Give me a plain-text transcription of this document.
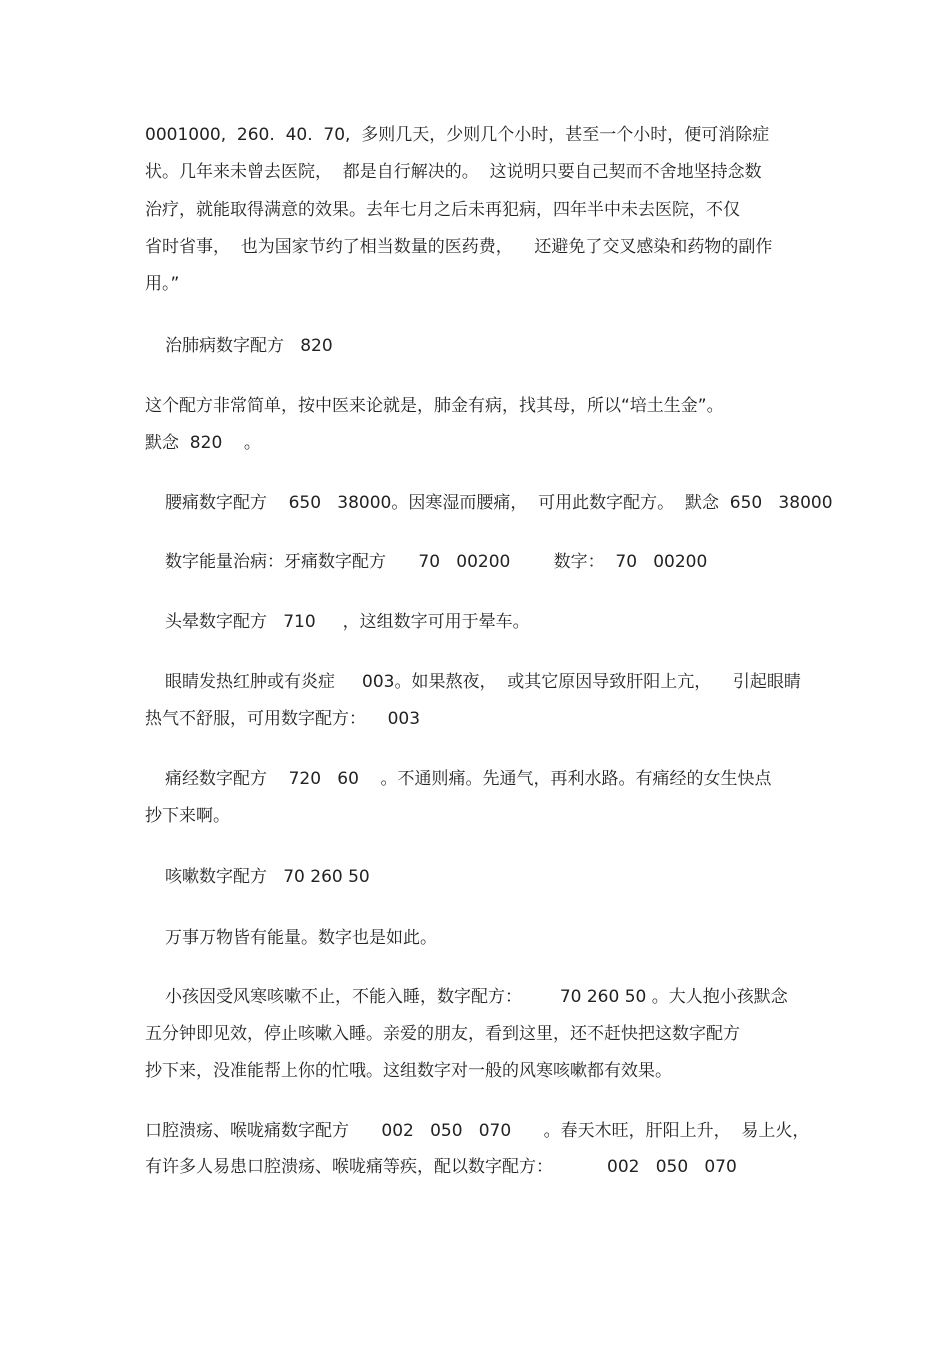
0001000,  260.  40.  70,  多则几天，少则几个小时，甚至一个小时，便可消除症
状。几年来未曾去医院，  都是自行解决的。  这说明只要自己契而不舍地坚持念数
治疗，就能取得满意的效果。去年七月之后未再犯病，四年半中未去医院，不仅
省时省事，  也为国家节约了相当数量的医药费，    还避免了交叉感染和药物的副作
用。”
治肺病数字配方   820
这个配方非常简单，按中医来论就是，肺金有病，找其母，所以“培土生金”。
默念  820    。
腰痛数字配方    650   38000。因寒湿而腰痛，  可用此数字配方。  默念  650   38000
数字能量治病：牙痛数字配方      70   00200        数字：  70   00200
头晕数字配方   710     ，这组数字可用于晕车。
眼睛发热红肿或有炎症     003。如果熬夜，  或其它原因导致肝阳上亢，    引起眼睛
热气不舒服，可用数字配方：    003
痛经数字配方    720   60    。不通则痛。先通气，再利水路。有痛经的女生快点
抄下来啊。
咳嗽数字配方   70 260 50
万事万物皆有能量。数字也是如此。
小孩因受风寒咳嗽不止，不能入睡，数字配方：       70 260 50 。大人抱小孩默念
五分钟即见效，停止咳嗽入睡。亲爱的朋友，看到这里，还不赶快把这数字配方
抄下来，没准能帮上你的忙哦。这组数字对一般的风寒咳嗽都有效果。
口腔溃疡、喉咙痛数字配方      002   050   070      。春天木旺，肝阳上升，  易上火，
有许多人易患口腔溃疡、喉咙痛等疾，配以数字配方：          002   050   070
